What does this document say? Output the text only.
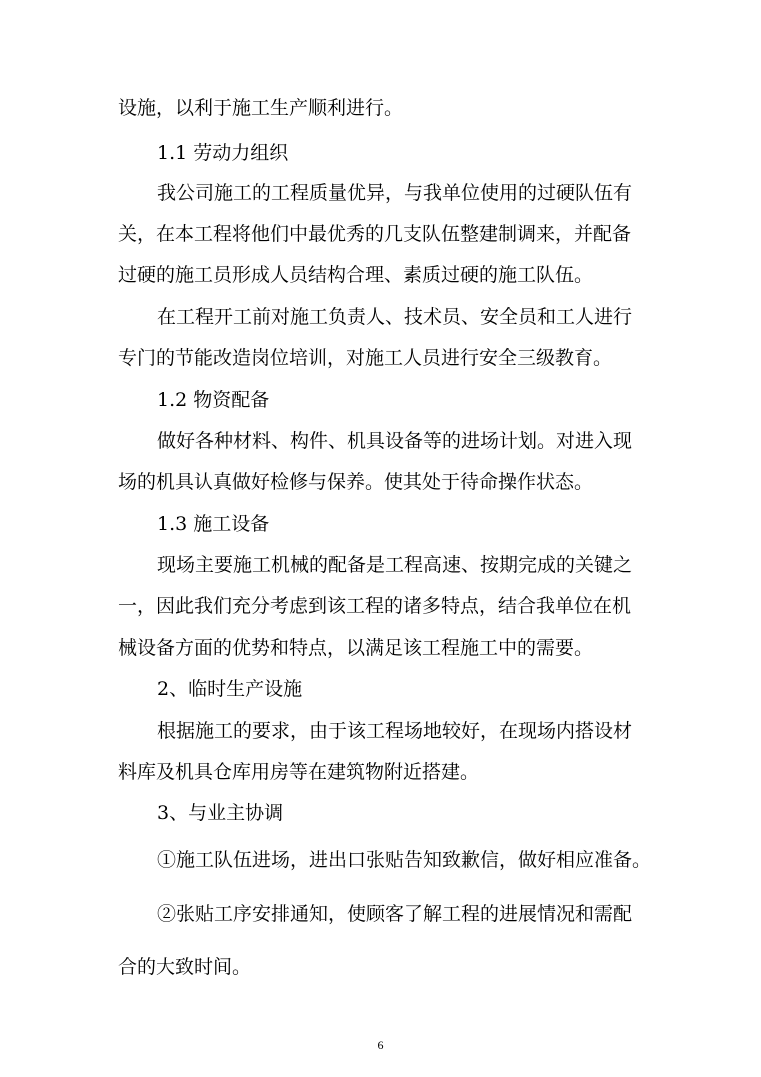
设施，以利于施工生产顺利进行。
1.1 劳动力组织
我公司施工的工程质量优异，与我单位使用的过硬队伍有
关，在本工程将他们中最优秀的几支队伍整建制调来，并配备
过硬的施工员形成人员结构合理、素质过硬的施工队伍。
在工程开工前对施工负责人、技术员、安全员和工人进行
专门的节能改造岗位培训，对施工人员进行安全三级教育。
1.2 物资配备
做好各种材料、构件、机具设备等的进场计划。对进入现
场的机具认真做好检修与保养。使其处于待命操作状态。
1.3 施工设备
现场主要施工机械的配备是工程高速、按期完成的关键之
一，因此我们充分考虑到该工程的诸多特点，结合我单位在机
械设备方面的优势和特点，以满足该工程施工中的需要。
2、临时生产设施
根据施工的要求，由于该工程场地较好，在现场内搭设材
料库及机具仓库用房等在建筑物附近搭建。
3、与业主协调
①施工队伍进场，进出口张贴告知致歉信，做好相应准备。
②张贴工序安排通知，使顾客了解工程的进展情况和需配
合的大致时间。
6
